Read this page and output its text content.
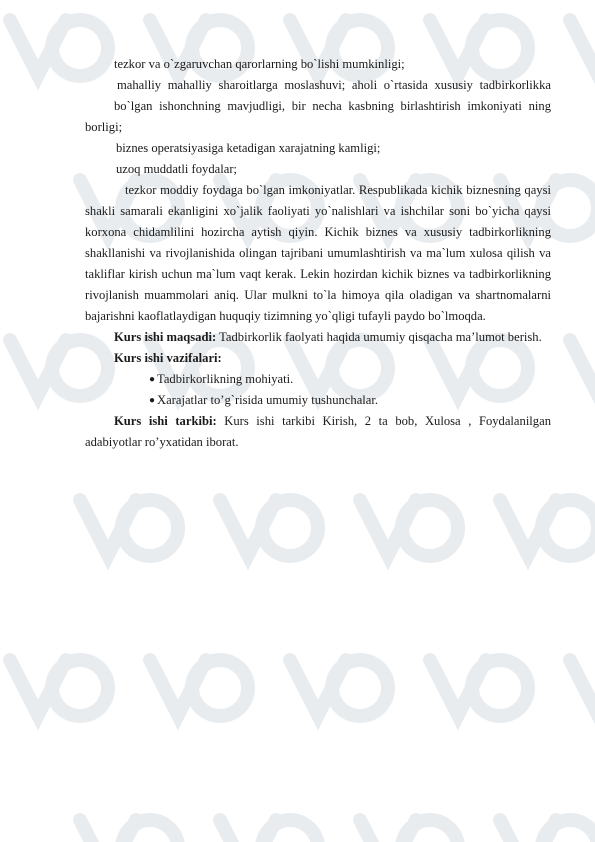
tezkor va o`zgaruvchan qarorlarning bo`lishi mumkinligi;

mahalliy mahalliy sharoitlarga moslashuvi; aholi o`rtasida xususiy tadbirkorlikka

bo`lgan ishonchning mavjudligi, bir necha kasbning birlashtirish imkoniyati ning borligi;

biznes operatsiyasiga ketadigan xarajatning kamligi;

uzoq muddatli foydalar;

tezkor moddiy foydaga bo`lgan imkoniyatlar. Respublikada kichik biznesning qaysi shakli samarali ekanligini xo`jalik faoliyati yo`nalishlari va ishchilar soni bo`yicha qaysi korxona chidamlilini hozircha aytish qiyin. Kichik biznes va xususiy tadbirkorlikning shakllanishi va rivojlanishida olingan tajribani umumlashtirish va ma`lum xulosa qilish va takliflar kirish uchun ma`lum vaqt kerak. Lekin hozirdan kichik biznes va tadbirkorlikning rivojlanish muammolari aniq. Ular mulkni to`la himoya qila oladigan va shartnomalarni bajarishni kaoflatlaydigan huquqiy tizimning yo`qligi tufayli paydo bo`lmoqda.

Kurs ishi maqsadi: Tadbirkorlik faolyati haqida umumiy qisqacha ma’lumot berish.

Kurs ishi vazifalari:

● Tadbirkorlikning mohiyati.
● Xarajatlar to’g`risida umumiy tushunchalar.

Kurs ishi tarkibi: Kurs ishi tarkibi Kirish, 2 ta bob, Xulosa , Foydalanilgan adabiyotlar ro’yxatidan iborat.
